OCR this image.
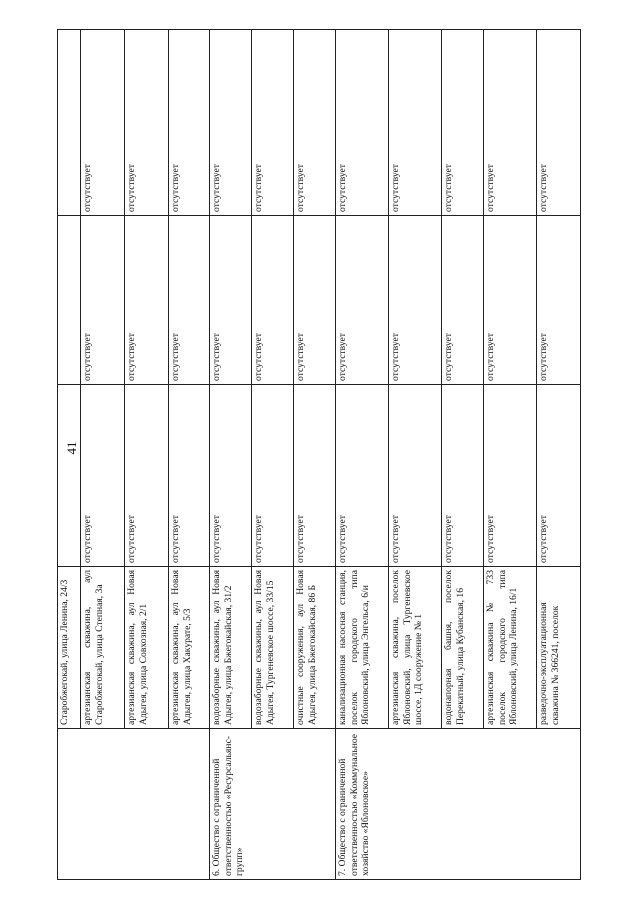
41
	Старобжегокай, улица Ленина, 24/3			
	артезианская скважина, аул Старобжегокай, улица Степная, 3а	отсутствует	отсутствует	отсутствует
	артезианская скважина, аул Новая Адыгея, улица Совхозная, 2/1	отсутствует	отсутствует	отсутствует
	артезианская скважина, аул Новая Адыгея, улица Хакурате, 5/3	отсутствует	отсутствует	отсутствует
6. Общество с ограниченной ответственностью «Ресурсальянс-групп»	водозаборные скважины, аул Новая Адыгея, улица Бжегокайская, 31/2	отсутствует	отсутствует	отсутствует
	водозаборные скважины, аул Новая Адыгея, Тургеневское шоссе, 33/15	отсутствует	отсутствует	отсутствует
	очистные сооружения, аул Новая Адыгея, улица Бжегокайская, 86 Б	отсутствует	отсутствует	отсутствует
7. Общество с ограниченной ответственностью «Коммунальное хозяйство «Яблоновское»	канализационная насосная станция, поселок городского типа Яблоновский, улица Энгельса, 6/и	отсутствует	отсутствует	отсутствует
	артезианская скважина, поселок Яблоновский, улица Тургеневское шоссе, 1Д сооружение № 1	отсутствует	отсутствует	отсутствует
	водонапорная башня, поселок Перекатный, улица Кубанская, 16	отсутствует	отсутствует	отсутствует
	артезианская скважина № 733 поселок городского типа Яблоновский, улица Ленина, 16/1	отсутствует	отсутствует	отсутствует
	разведочно-эксплуатационная скважина № 366241, поселок	отсутствует	отсутствует	отсутствует
